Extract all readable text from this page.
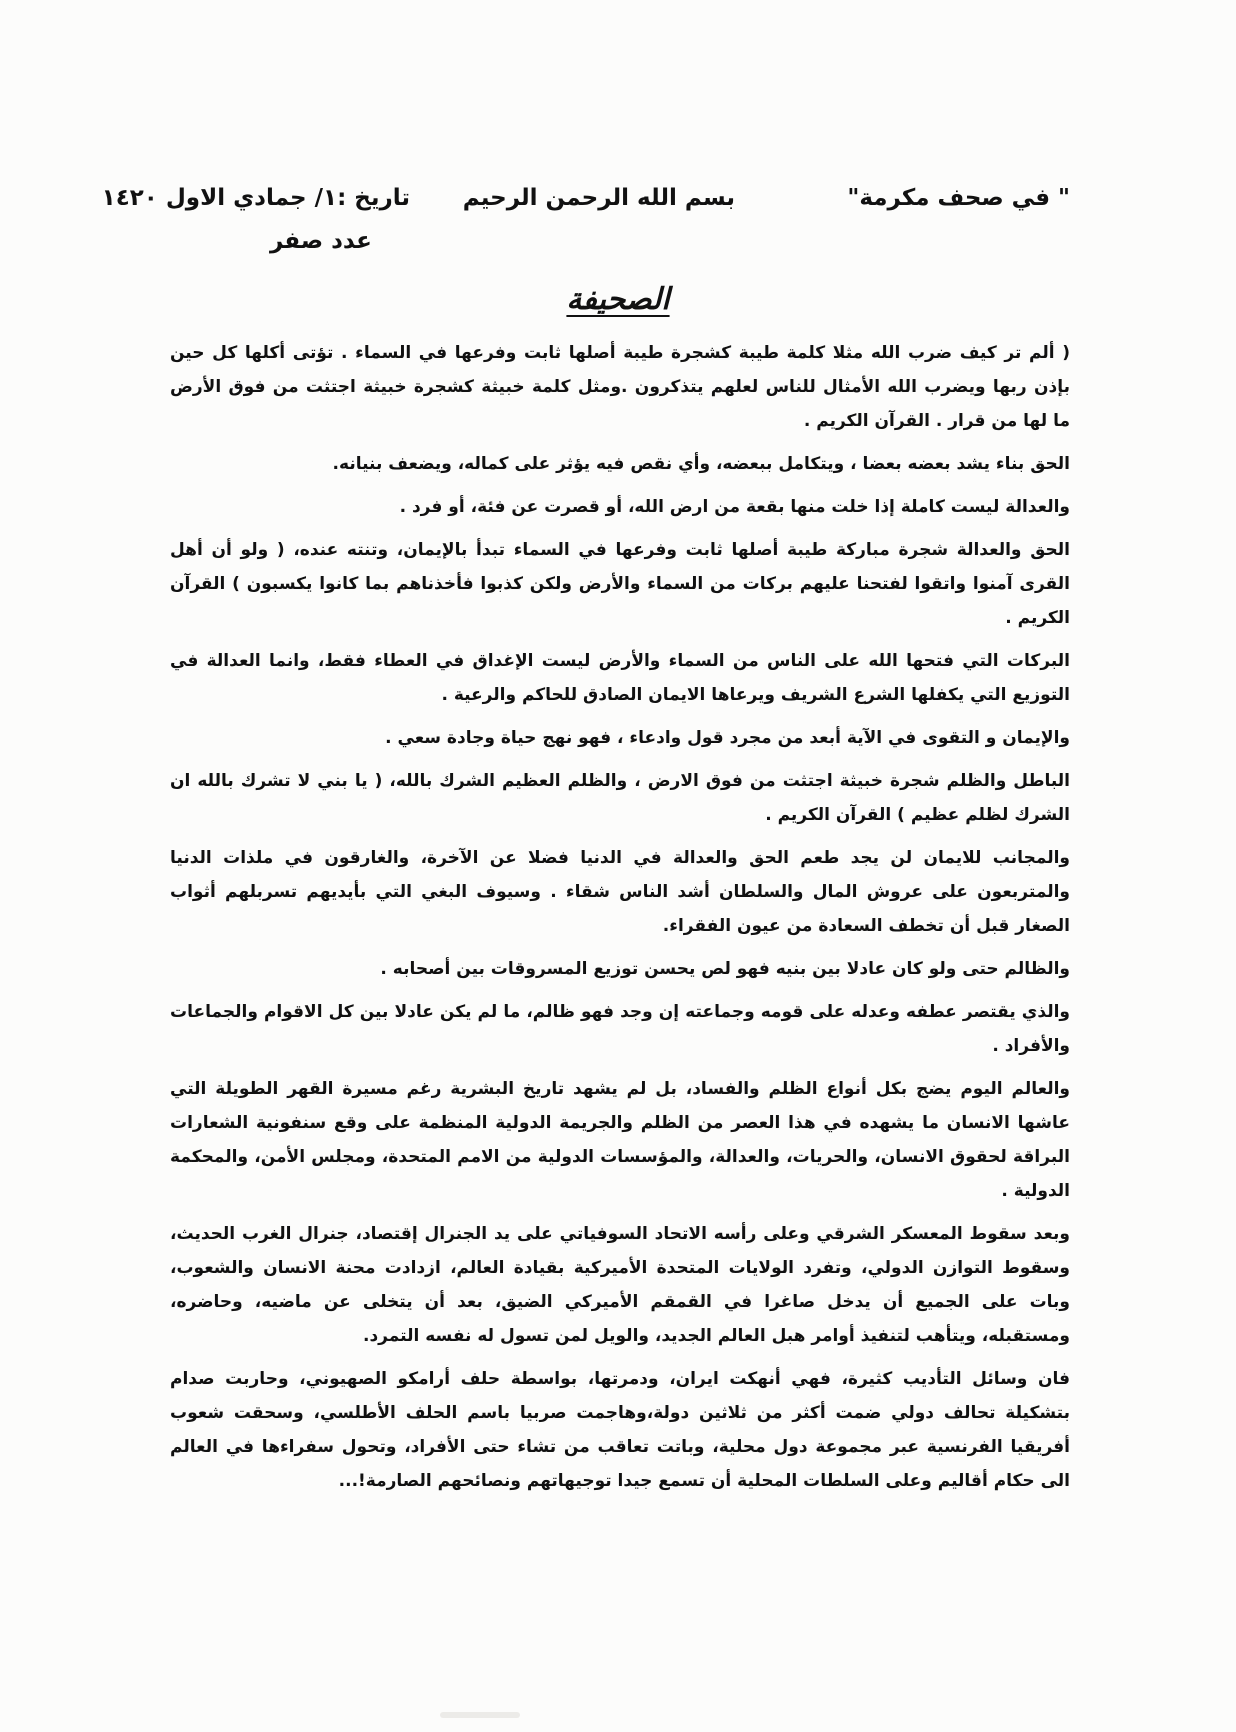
" في صحف مكرمة"
بسم الله الرحمن الرحيم
تاريخ :١/ جمادي الاول ١٤٢٠
عدد صفر
الصحيفة

( ألم تر كيف ضرب الله مثلا كلمة طيبة كشجرة طيبة أصلها ثابت وفرعها في السماء . تؤتى أكلها كل حين بإذن ربها ويضرب الله الأمثال للناس لعلهم يتذكرون .ومثل كلمة خبيثة كشجرة خبيثة اجتثت من فوق الأرض ما لها من قرار . القرآن الكريم .

الحق بناء يشد بعضه بعضا ، ويتكامل ببعضه، وأي نقص فيه يؤثر على كماله، ويضعف بنيانه.

والعدالة ليست كاملة إذا خلت منها بقعة من ارض الله، أو قصرت عن فئة، أو فرد .

الحق والعدالة شجرة مباركة طيبة أصلها ثابت وفرعها في السماء تبدأ بالإيمان، وتنته عنده، ( ولو أن أهل القرى آمنوا واتقوا لفتحنا عليهم بركات من السماء والأرض ولكن كذبوا فأخذناهم بما كانوا يكسبون ) القرآن الكريم .

البركات التي فتحها الله على الناس من السماء والأرض ليست الإغداق في العطاء فقط، وانما العدالة في التوزيع التي يكفلها الشرع الشريف ويرعاها الايمان الصادق للحاكم والرعية .

والإيمان و التقوى في الآية أبعد من مجرد قول وادعاء ، فهو نهج حياة وجادة سعي .

الباطل والظلم شجرة خبيثة اجتثت من فوق الارض ، والظلم العظيم الشرك بالله، ( يا بني لا تشرك بالله ان الشرك لظلم عظيم ) القرآن الكريم .

والمجانب للايمان لن يجد طعم الحق والعدالة في الدنيا فضلا عن الآخرة، والغارقون في ملذات الدنيا والمتربعون على عروش المال والسلطان أشد الناس شقاء . وسيوف البغي التي بأيديهم تسربلهم أثواب الصغار قبل أن تخطف السعادة من عيون الفقراء.

والظالم حتى ولو كان عادلا بين بنيه فهو لص يحسن توزيع المسروقات بين أصحابه .

والذي يقتصر عطفه وعدله على قومه وجماعته إن وجد فهو ظالم، ما لم يكن عادلا بين كل الاقوام والجماعات والأفراد .

والعالم اليوم يضج بكل أنواع الظلم والفساد، بل لم يشهد تاريخ البشرية رغم مسيرة القهر الطويلة التي عاشها الانسان ما يشهده في هذا العصر من الظلم والجريمة الدولية المنظمة على وقع سنفونية الشعارات البراقة لحقوق الانسان، والحريات، والعدالة، والمؤسسات الدولية من الامم المتحدة، ومجلس الأمن، والمحكمة الدولية .

وبعد سقوط المعسكر الشرقي وعلى رأسه الاتحاد السوفياتي على يد الجنرال إقتصاد، جنرال الغرب الحديث، وسقوط التوازن الدولي، وتفرد الولايات المتحدة الأميركية بقيادة العالم، ازدادت محنة الانسان والشعوب، وبات على الجميع أن يدخل صاغرا في القمقم الأميركي الضيق، بعد أن يتخلى عن ماضيه، وحاضره، ومستقبله، ويتأهب لتنفيذ أوامر هبل العالم الجديد، والويل لمن تسول له نفسه التمرد.

فان وسائل التأديب كثيرة، فهي أنهكت ايران، ودمرتها، بواسطة حلف أرامكو الصهيوني، وحاربت صدام بتشكيلة تحالف دولي ضمت أكثر من ثلاثين دولة،وهاجمت صربيا باسم الحلف الأطلسي، وسحقت شعوب أفريقيا الفرنسية عبر مجموعة دول محلية، وباتت تعاقب من تشاء حتى الأفراد، وتحول سفراءها في العالم الى حكام أقاليم وعلى السلطات المحلية أن تسمع جيدا توجيهاتهم ونصائحهم الصارمة!...
